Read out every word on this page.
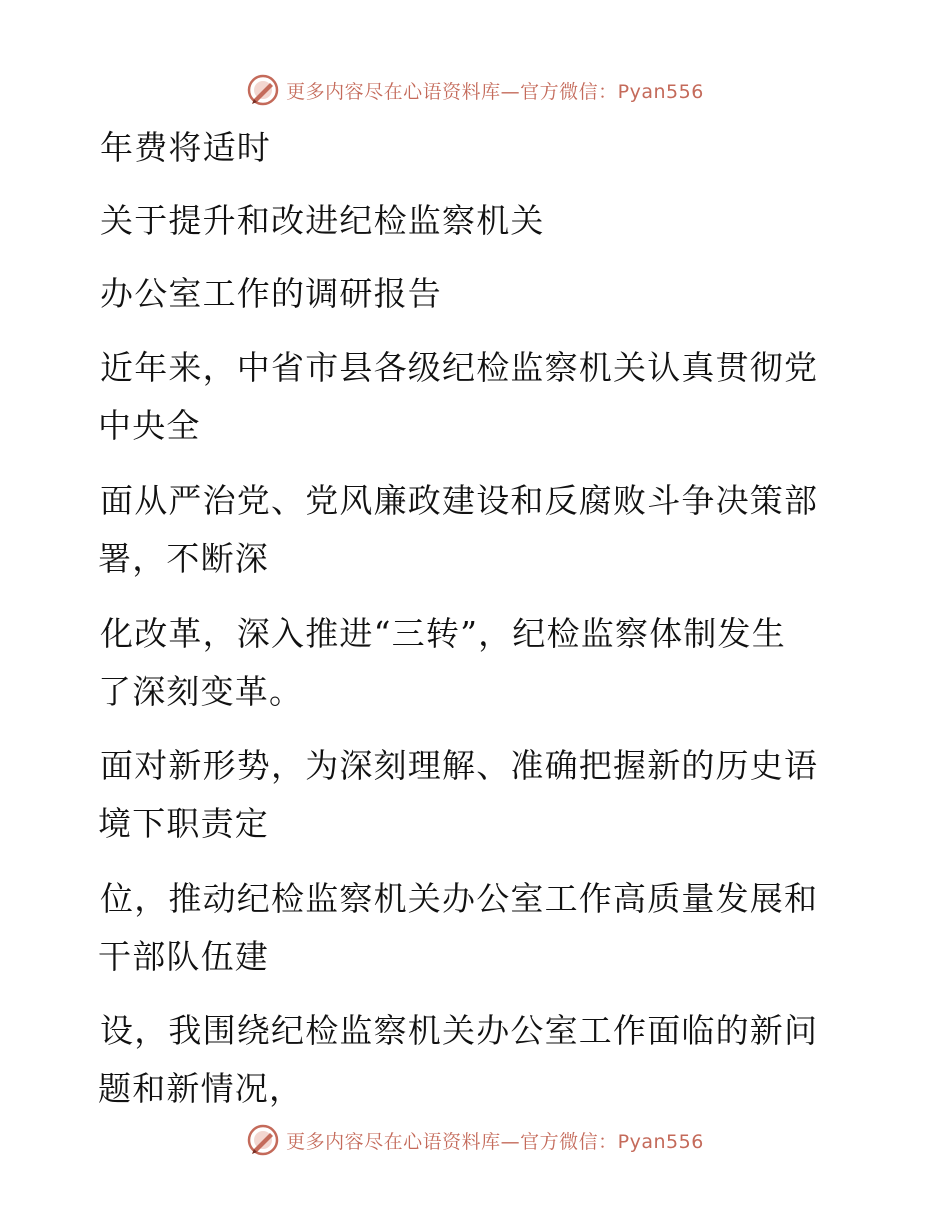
更多内容尽在心语资料库—官方微信：Pyan556
年费将适时
关于提升和改进纪检监察机关
办公室工作的调研报告
近年来，中省市县各级纪检监察机关认真贯彻党
中央全
面从严治党、党风廉政建设和反腐败斗争决策部
署，不断深
化改革，深入推进“三转”，纪检监察体制发生
了深刻变革。
面对新形势，为深刻理解、准确把握新的历史语
境下职责定
位，推动纪检监察机关办公室工作高质量发展和
干部队伍建
设，我围绕纪检监察机关办公室工作面临的新问
题和新情况，
更多内容尽在心语资料库—官方微信：Pyan556
